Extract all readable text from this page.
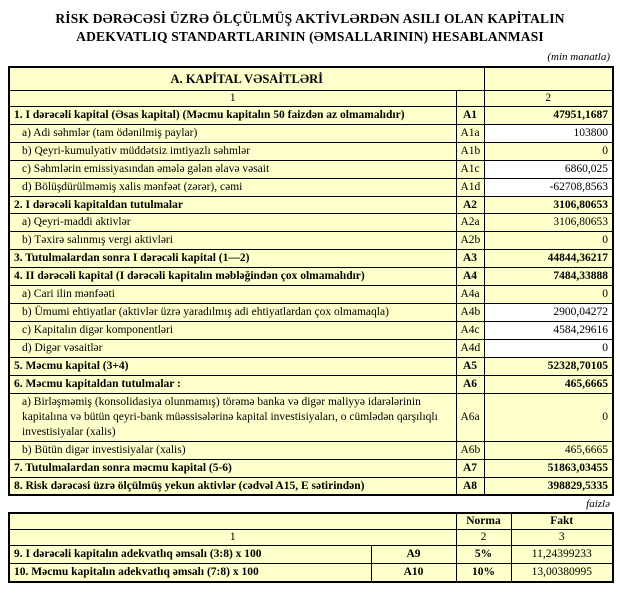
RİSK DƏRƏCƏSİ ÜZRƏ ÖLÇÜLMÜŞ AKTİVLƏRDƏN ASILI OLAN KAPİTALIN
ADEKVATLIQ STANDARTLARININ (ƏMSALLARININ) HESABLANMASI
(min manatla)
A. KAPİTAL VƏSAİTLƏRİ		
1		2
1. I dərəcəli kapital (Əsas kapital) (Məcmu kapitalın 50 faizdən az olmamalıdır)	A1	47951,1687
a) Adi səhmlər (tam ödənilmiş paylar)	A1a	103800
b) Qeyri-kumulyativ müddətsiz imtiyazlı səhmlər	A1b	0
c) Səhmlərin emissiyasından əmələ gələn əlavə vəsait	A1c	6860,025
d) Bölüşdürülməmiş xalis mənfəət (zərər), cəmi	A1d	-62708,8563
2. I dərəcəli kapitaldan tutulmalar	A2	3106,80653
a) Qeyri-maddi aktivlər	A2a	3106,80653
b) Təxirə salınmış vergi aktivləri	A2b	0
3. Tutulmalardan sonra I dərəcəli kapital (1—2)	A3	44844,36217
4. II dərəcəli kapital (I dərəcəli kapitalın məbləğindən çox olmamalıdır)	A4	7484,33888
a) Cari ilin mənfəəti	A4a	0
b) Ümumi ehtiyatlar (aktivlər üzrə yaradılmış adi ehtiyatlardan çox olmamaqla)	A4b	2900,04272
c) Kapitalın digər komponentləri	A4c	4584,29616
d) Digər vəsaitlər	A4d	0
5. Məcmu kapital (3+4)	A5	52328,70105
6. Məcmu kapitaldan tutulmalar :	A6	465,6665
a) Birləşməmiş (konsolidasiya olunmamış) törəmə banka və digər maliyyə idarələrinin kapitalına və bütün qeyri-bank müəssisələrinə kapital investisiyaları, o cümlədən qarşılıqlı investisiyalar (xalis)	A6a	0
b) Bütün digər investisiyalar (xalis)	A6b	465,6665
7. Tutulmalardan sonra məcmu kapital (5-6)	A7	51863,03455
8. Risk dərəcəsi üzrə ölçülmüş yekun aktivlər (cədvəl A15, E sətirindən)	A8	398829,5335
faizlə
		Norma	Fakt
1		2	3
9. I dərəcəli kapitalın adekvatlıq əmsalı (3:8) x 100	A9	5%	11,24399233
10. Məcmu kapitalın adekvatlıq əmsalı (7:8) x 100	A10	10%	13,00380995
